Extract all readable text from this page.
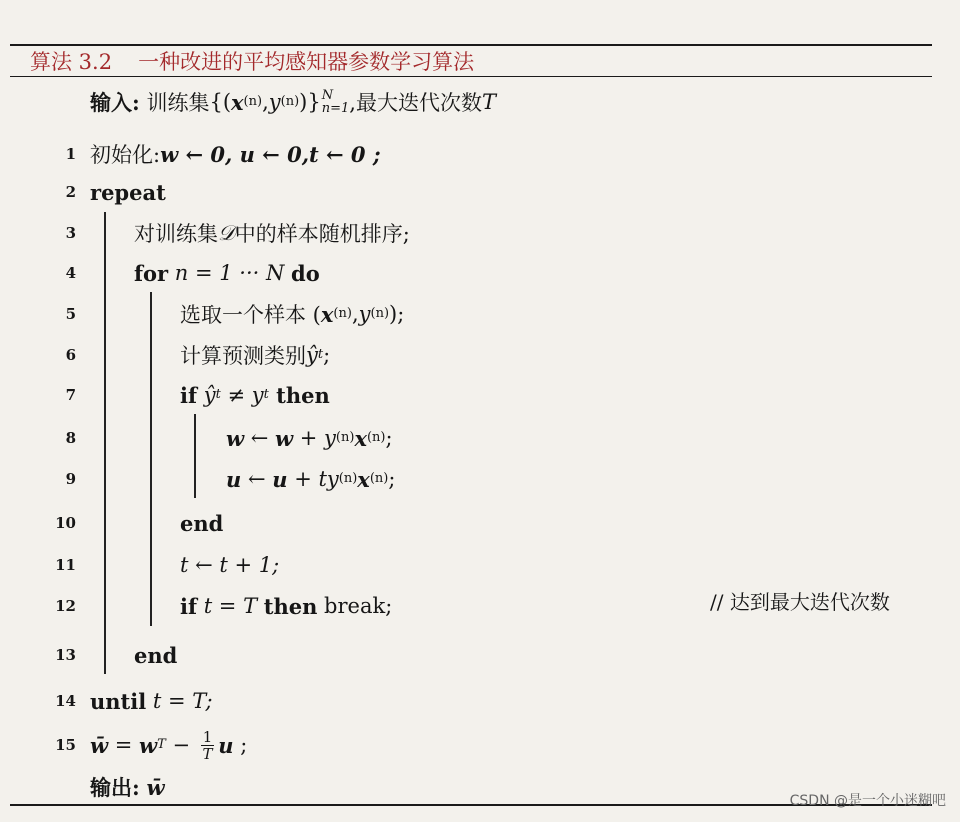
算法 3.2 一种改进的平均感知器参数学习算法
输入:
训练集 {( x (n) , y (n) )} N
n=1 ,最大迭代次数 T
1 初始化: w ← 0, u ← 0,t ← 0 ;
2 repeat
3	对训练集 𝒟 中的样本随机排序;
4	for n = 1 ··· N do
5	选取一个样本 ( x (n) , y (n) );
6	计算预测类别 ŷ t ;
7	if ŷ t ≠ y t then
8	w ← w + y (n) x (n) ;
9	u ← u + ty (n) x (n) ;
10	end
11	t ← t + 1;
12	if t = T then break;	// 达到最大迭代次数
13	end
14 until t = T;
15 w̄ = w $T - \frac{1}{T}$ u ;
输出:
w̄
CSDN @是一个小迷糊吧
